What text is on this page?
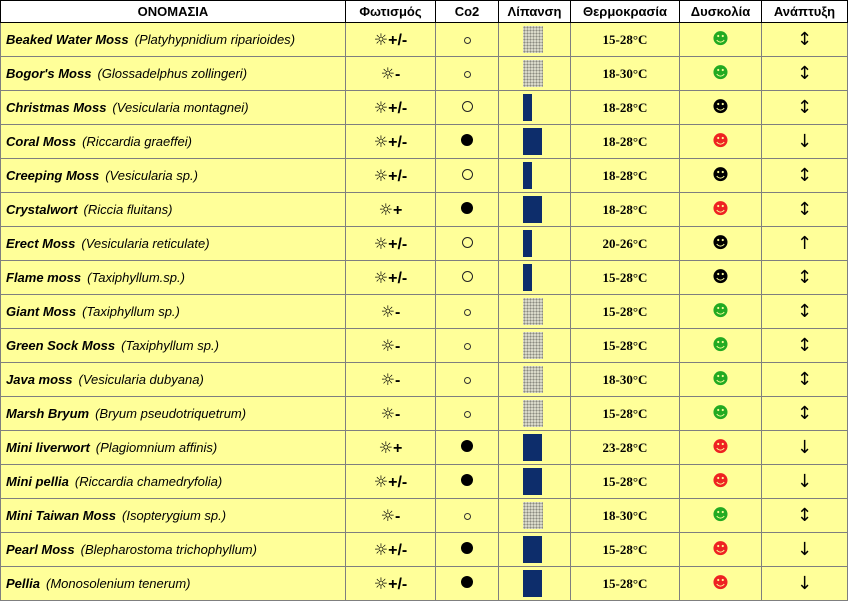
ΟΝΟΜΑΣΙΑ	Φωτισμός	Co2	Λίπανση	Θερμοκρασία	Δυσκολία	Ανάπτυξη
Beaked Water Moss ( Platyhypnidium riparioides )	☼+/-			15-28°C	☻	↕
Bogor's Moss ( Glossadelphus zollingeri )	☼-			18-30°C	☻	↕
Christmas Moss ( Vesicularia montagnei )	☼+/-			18-28°C	☻	↕
Coral Moss ( Riccardia graeffei )	☼+/-			18-28°C	☻	↓
Creeping Moss ( Vesicularia sp. )	☼+/-			18-28°C	☻	↕
Crystalwort ( Riccia fluitans )	☼+			18-28°C	☻	↕
Erect Moss ( Vesicularia reticulate )	☼+/-			20-26°C	☻	↑
Flame moss ( Taxiphyllum.sp. )	☼+/-			15-28°C	☻	↕
Giant Moss ( Taxiphyllum sp. )	☼-			15-28°C	☻	↕
Green Sock Moss ( Taxiphyllum sp. )	☼-			15-28°C	☻	↕
Java moss ( Vesicularia dubyana )	☼-			18-30°C	☻	↕
Marsh Bryum ( Bryum pseudotriquetrum )	☼-			15-28°C	☻	↕
Mini liverwort ( Plagiomnium affinis )	☼+			23-28°C	☻	↓
Mini pellia ( Riccardia chamedryfolia )	☼+/-			15-28°C	☻	↓
Mini Taiwan Moss ( Isopterygium sp. )	☼-			18-30°C	☻	↕
Pearl Moss ( Blepharostoma trichophyllum )	☼+/-			15-28°C	☻	↓
Pellia ( Monosolenium tenerum )	☼+/-			15-28°C	☻	↓
